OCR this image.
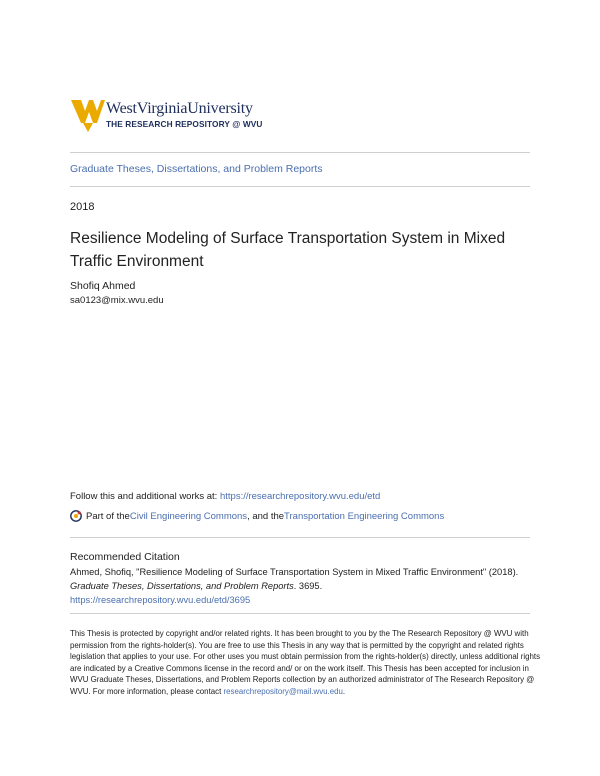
WestVirginiaUniversity
THE RESEARCH REPOSITORY @ WVU
Graduate Theses, Dissertations, and Problem Reports
2018
Resilience Modeling of Surface Transportation System in Mixed Traffic Environment
Shofiq Ahmed
sa0123@mix.wvu.edu
Follow this and additional works at: https://researchrepository.wvu.edu/etd
Part of the Civil Engineering Commons , and the Transportation Engineering Commons
Recommended Citation
Ahmed, Shofiq, "Resilience Modeling of Surface Transportation System in Mixed Traffic Environment" (2018). Graduate Theses, Dissertations, and Problem Reports. 3695.
https://researchrepository.wvu.edu/etd/3695
This Thesis is protected by copyright and/or related rights. It has been brought to you by the The Research Repository @ WVU with permission from the rights-holder(s). You are free to use this Thesis in any way that is permitted by the copyright and related rights legislation that applies to your use. For other uses you must obtain permission from the rights-holder(s) directly, unless additional rights are indicated by a Creative Commons license in the record and/ or on the work itself. This Thesis has been accepted for inclusion in WVU Graduate Theses, Dissertations, and Problem Reports collection by an authorized administrator of The Research Repository @ WVU. For more information, please contact researchrepository@mail.wvu.edu.
